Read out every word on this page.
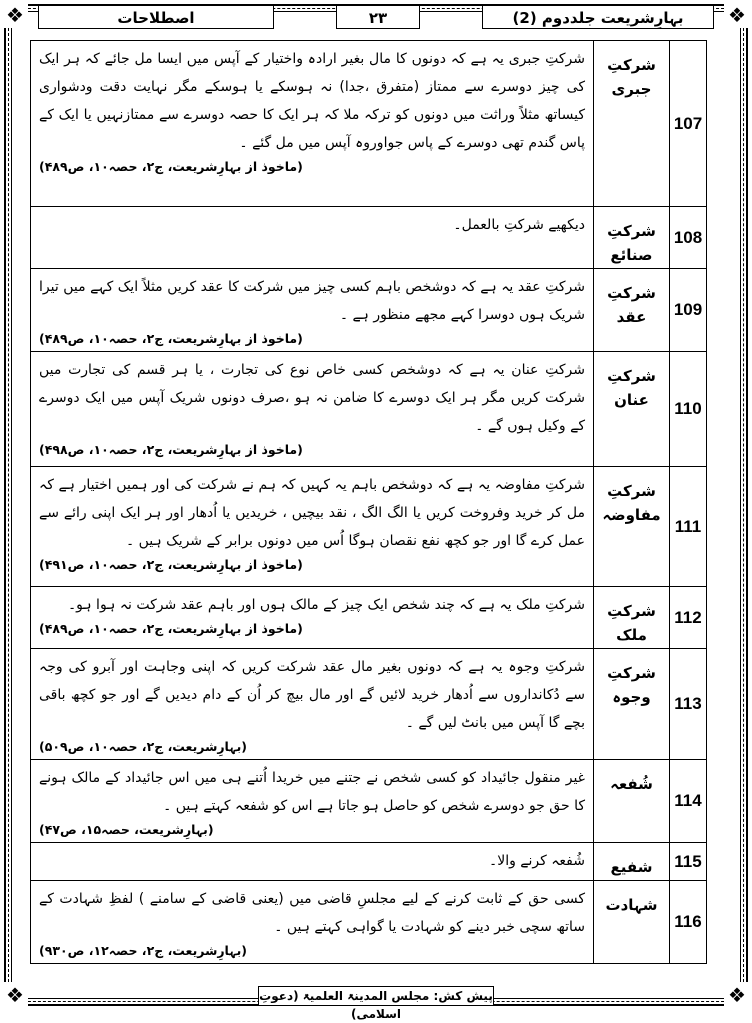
❖	❖
❖	❖
اصطلاحات	۲۳	بہارِشریعت جلددوم (2)
107	شرکتِ جبری	شرکتِ جبری یہ ہے کہ دونوں کا مال بغیر ارادہ واختیار کے آپس میں ایسا مل جائے کہ ہر ایک کی چیز دوسرے سے ممتاز (متفرق ،جدا) نہ ہوسکے یا ہوسکے مگر نہایت دقت ودشواری کیساتھ مثلاً وراثت میں دونوں کو ترکہ ملا کہ ہر ایک کا حصہ دوسرے سے ممتازنہیں یا ایک کے پاس گندم تھی دوسرے کے پاس جواوروہ آپس میں مل گئے ۔
(ماخوذ از بہارِشریعت، ج۲، حصہ۱۰، ص۴۸۹)

108	شرکتِ صنائع	دیکھیے شرکتِ بالعمل۔

109	شرکتِ عقد	شرکتِ عقد یہ ہے کہ دوشخص باہم کسی چیز میں شرکت کا عقد کریں مثلاً ایک کہے میں تیرا شریک ہوں دوسرا کہے مجھے منظور ہے ۔
(ماخوذ از بہارِشریعت، ج۲، حصہ۱۰، ص۴۸۹)

110	شرکتِ عنان	شرکتِ عنان یہ ہے کہ دوشخص کسی خاص نوع کی تجارت ، یا ہر قسم کی تجارت میں شرکت کریں مگر ہر ایک دوسرے کا ضامن نہ ہو ،صرف دونوں شریک آپس میں ایک دوسرے کے وکیل ہوں گے ۔
(ماخوذ از بہارِشریعت، ج۲، حصہ۱۰، ص۴۹۸)

111	شرکتِ مفاوضہ	شرکتِ مفاوضہ یہ ہے کہ دوشخص باہم یہ کہیں کہ ہم نے شرکت کی اور ہمیں اختیار ہے کہ مل کر خرید وفروخت کریں یا الگ الگ ، نقد بیچیں ، خریدیں یا اُدھار اور ہر ایک اپنی رائے سے عمل کرے گا اور جو کچھ نفع نقصان ہوگا اُس میں دونوں برابر کے شریک ہیں ۔
(ماخوذ از بہارِشریعت، ج۲، حصہ۱۰، ص۴۹۱)

112	شرکتِ ملک	شرکتِ ملک یہ ہے کہ چند شخص ایک چیز کے مالک ہوں اور باہم عقد شرکت نہ ہوا ہو۔
(ماخوذ از بہارِشریعت، ج۲، حصہ۱۰، ص۴۸۹)

113	شرکتِ وجوہ	شرکتِ وجوہ یہ ہے کہ دونوں بغیر مال عقد شرکت کریں کہ اپنی وجاہت اور آبرو کی وجہ سے دُکانداروں سے اُدھار خرید لائیں گے اور مال بیچ کر اُن کے دام دیدیں گے اور جو کچھ باقی بچے گا آپس میں بانٹ لیں گے ۔
(بہارِشریعت، ج۲، حصہ۱۰، ص۵۰۹)

114	شُفعہ	غیر منقول جائیداد کو کسی شخص نے جتنے میں خریدا اُتنے ہی میں اس جائیداد کے مالک ہونے کا حق جو دوسرے شخص کو حاصل ہو جاتا ہے اس کو شفعہ کہتے ہیں ۔
(بہارِشریعت، حصہ۱۵، ص۴۷)

115	شفیع	شُفعہ کرنے والا۔

116	شہادت	کسی حق کے ثابت کرنے کے لیے مجلسِ قاضی میں (یعنی قاضی کے سامنے ) لفظِ شہادت کے ساتھ سچی خبر دینے کو شہادت یا گواہی کہتے ہیں ۔
(بہارِشریعت، ج۲، حصہ۱۲، ص۹۳۰)
پیش کش: مجلس المدینۃ العلمیۃ (دعوتِ اسلامی)
